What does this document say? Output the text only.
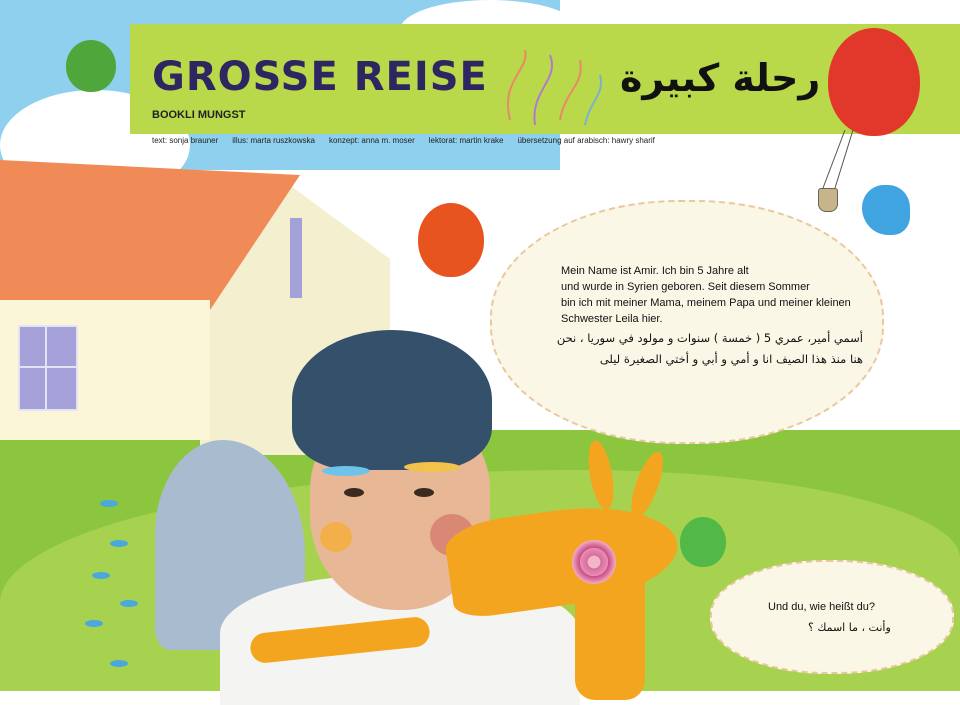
GROSSE REISE	رحلة كبيرة
BOOKLI MUNGST
text: sonja brauner illus: marta ruszkowska konzept: anna m. moser lektorat: martin krake übersetzung auf arabisch: hawry sharif
Mein Name ist Amir. Ich bin 5 Jahre alt
und wurde in Syrien geboren. Seit diesem Sommer
bin ich mit meiner Mama, meinem Papa und meiner kleinen
Schwester Leila hier.
أسمي أمير، عمري 5 ( خمسة ) سنوات و مولود في سوريا ، نحن
هنا منذ هذا الصيف انا و أمي و أبي و أختي الصغيرة ليلى
Und du, wie heißt du?
وأنت ، ما اسمك ؟
